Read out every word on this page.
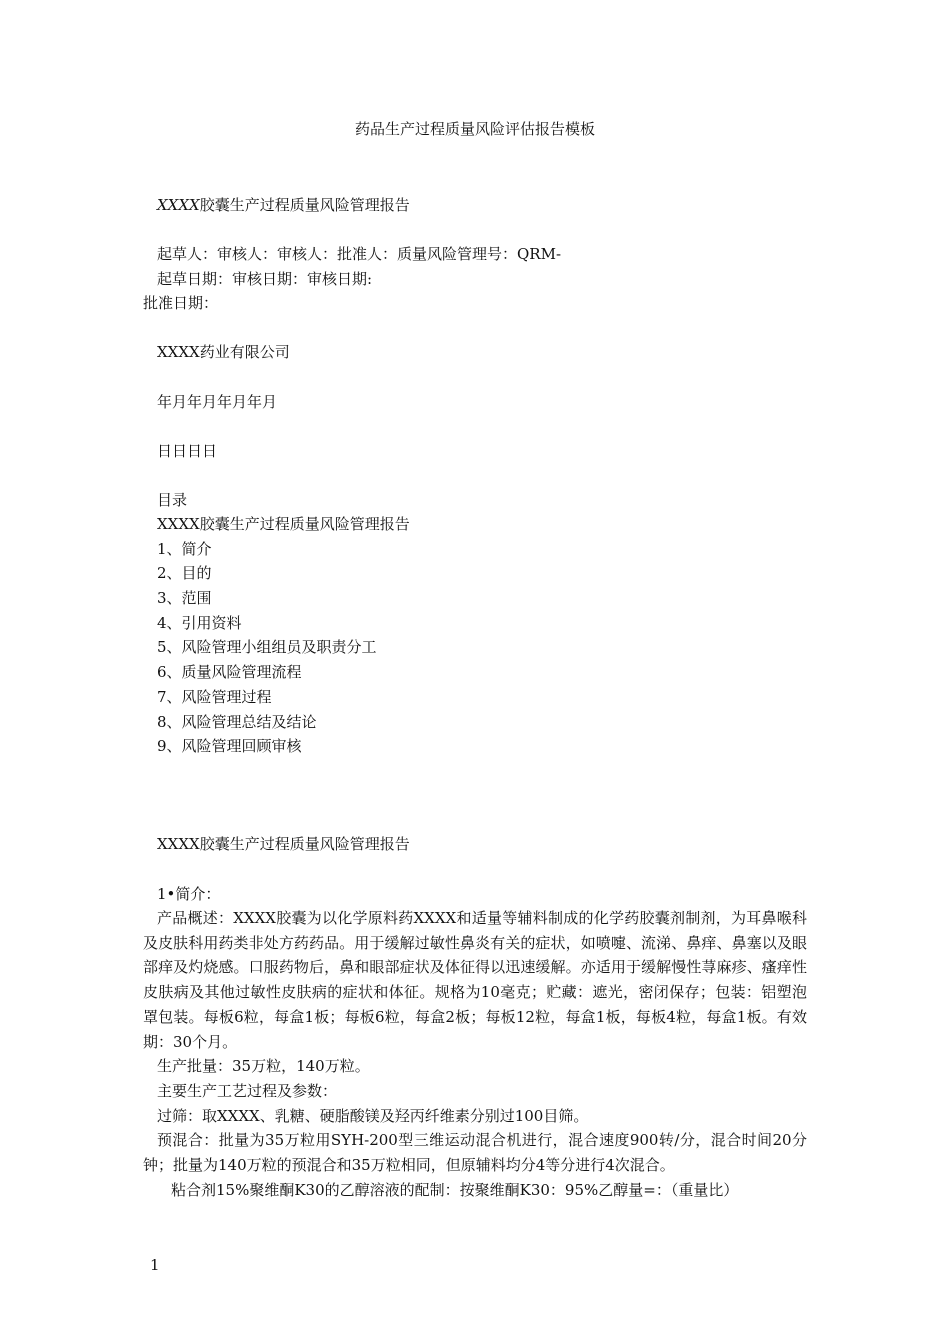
药品生产过程质量风险评估报告模板
XXXX胶囊生产过程质量风险管理报告
起草人：审核人：审核人：批准人：质量风险管理号：QRM-
起草日期：审核日期：审核日期:
批准日期：
XXXX药业有限公司
年月年月年月年月
日日日日
目录
XXXX胶囊生产过程质量风险管理报告
1、简介
2、目的
3、范围
4、引用资料
5、风险管理小组组员及职责分工
6、质量风险管理流程
7、风险管理过程
8、风险管理总结及结论
9、风险管理回顾审核
XXXX胶囊生产过程质量风险管理报告
1•简介：

产品概述：XXXX胶囊为以化学原料药XXXX和适量等辅料制成的化学药胶囊剂制剂，为耳鼻喉科及皮肤科用药类非处方药药品。用于缓解过敏性鼻炎有关的症状，如喷嚏、流涕、鼻痒、鼻塞以及眼部痒及灼烧感。口服药物后，鼻和眼部症状及体征得以迅速缓解。亦适用于缓解慢性荨麻疹、瘙痒性皮肤病及其他过敏性皮肤病的症状和体征。规格为10毫克；贮藏：遮光，密闭保存；包装：铝塑泡罩包装。每板6粒，每盒1板；每板6粒，每盒2板；每板12粒，每盒1板，每板4粒，每盒1板。有效期：30个月。

生产批量：35万粒，140万粒。

主要生产工艺过程及参数：

过筛：取XXXX、乳糖、硬脂酸镁及羟丙纤维素分别过100目筛。

预混合：批量为35万粒用SYH-200型三维运动混合机进行，混合速度900转/分，混合时间20分钟；批量为140万粒的预混合和35万粒相同，但原辅料均分4等分进行4次混合。

粘合剂15%聚维酮K30的乙醇溶液的配制：按聚维酮K30：95%乙醇量=：（重量比）

1
